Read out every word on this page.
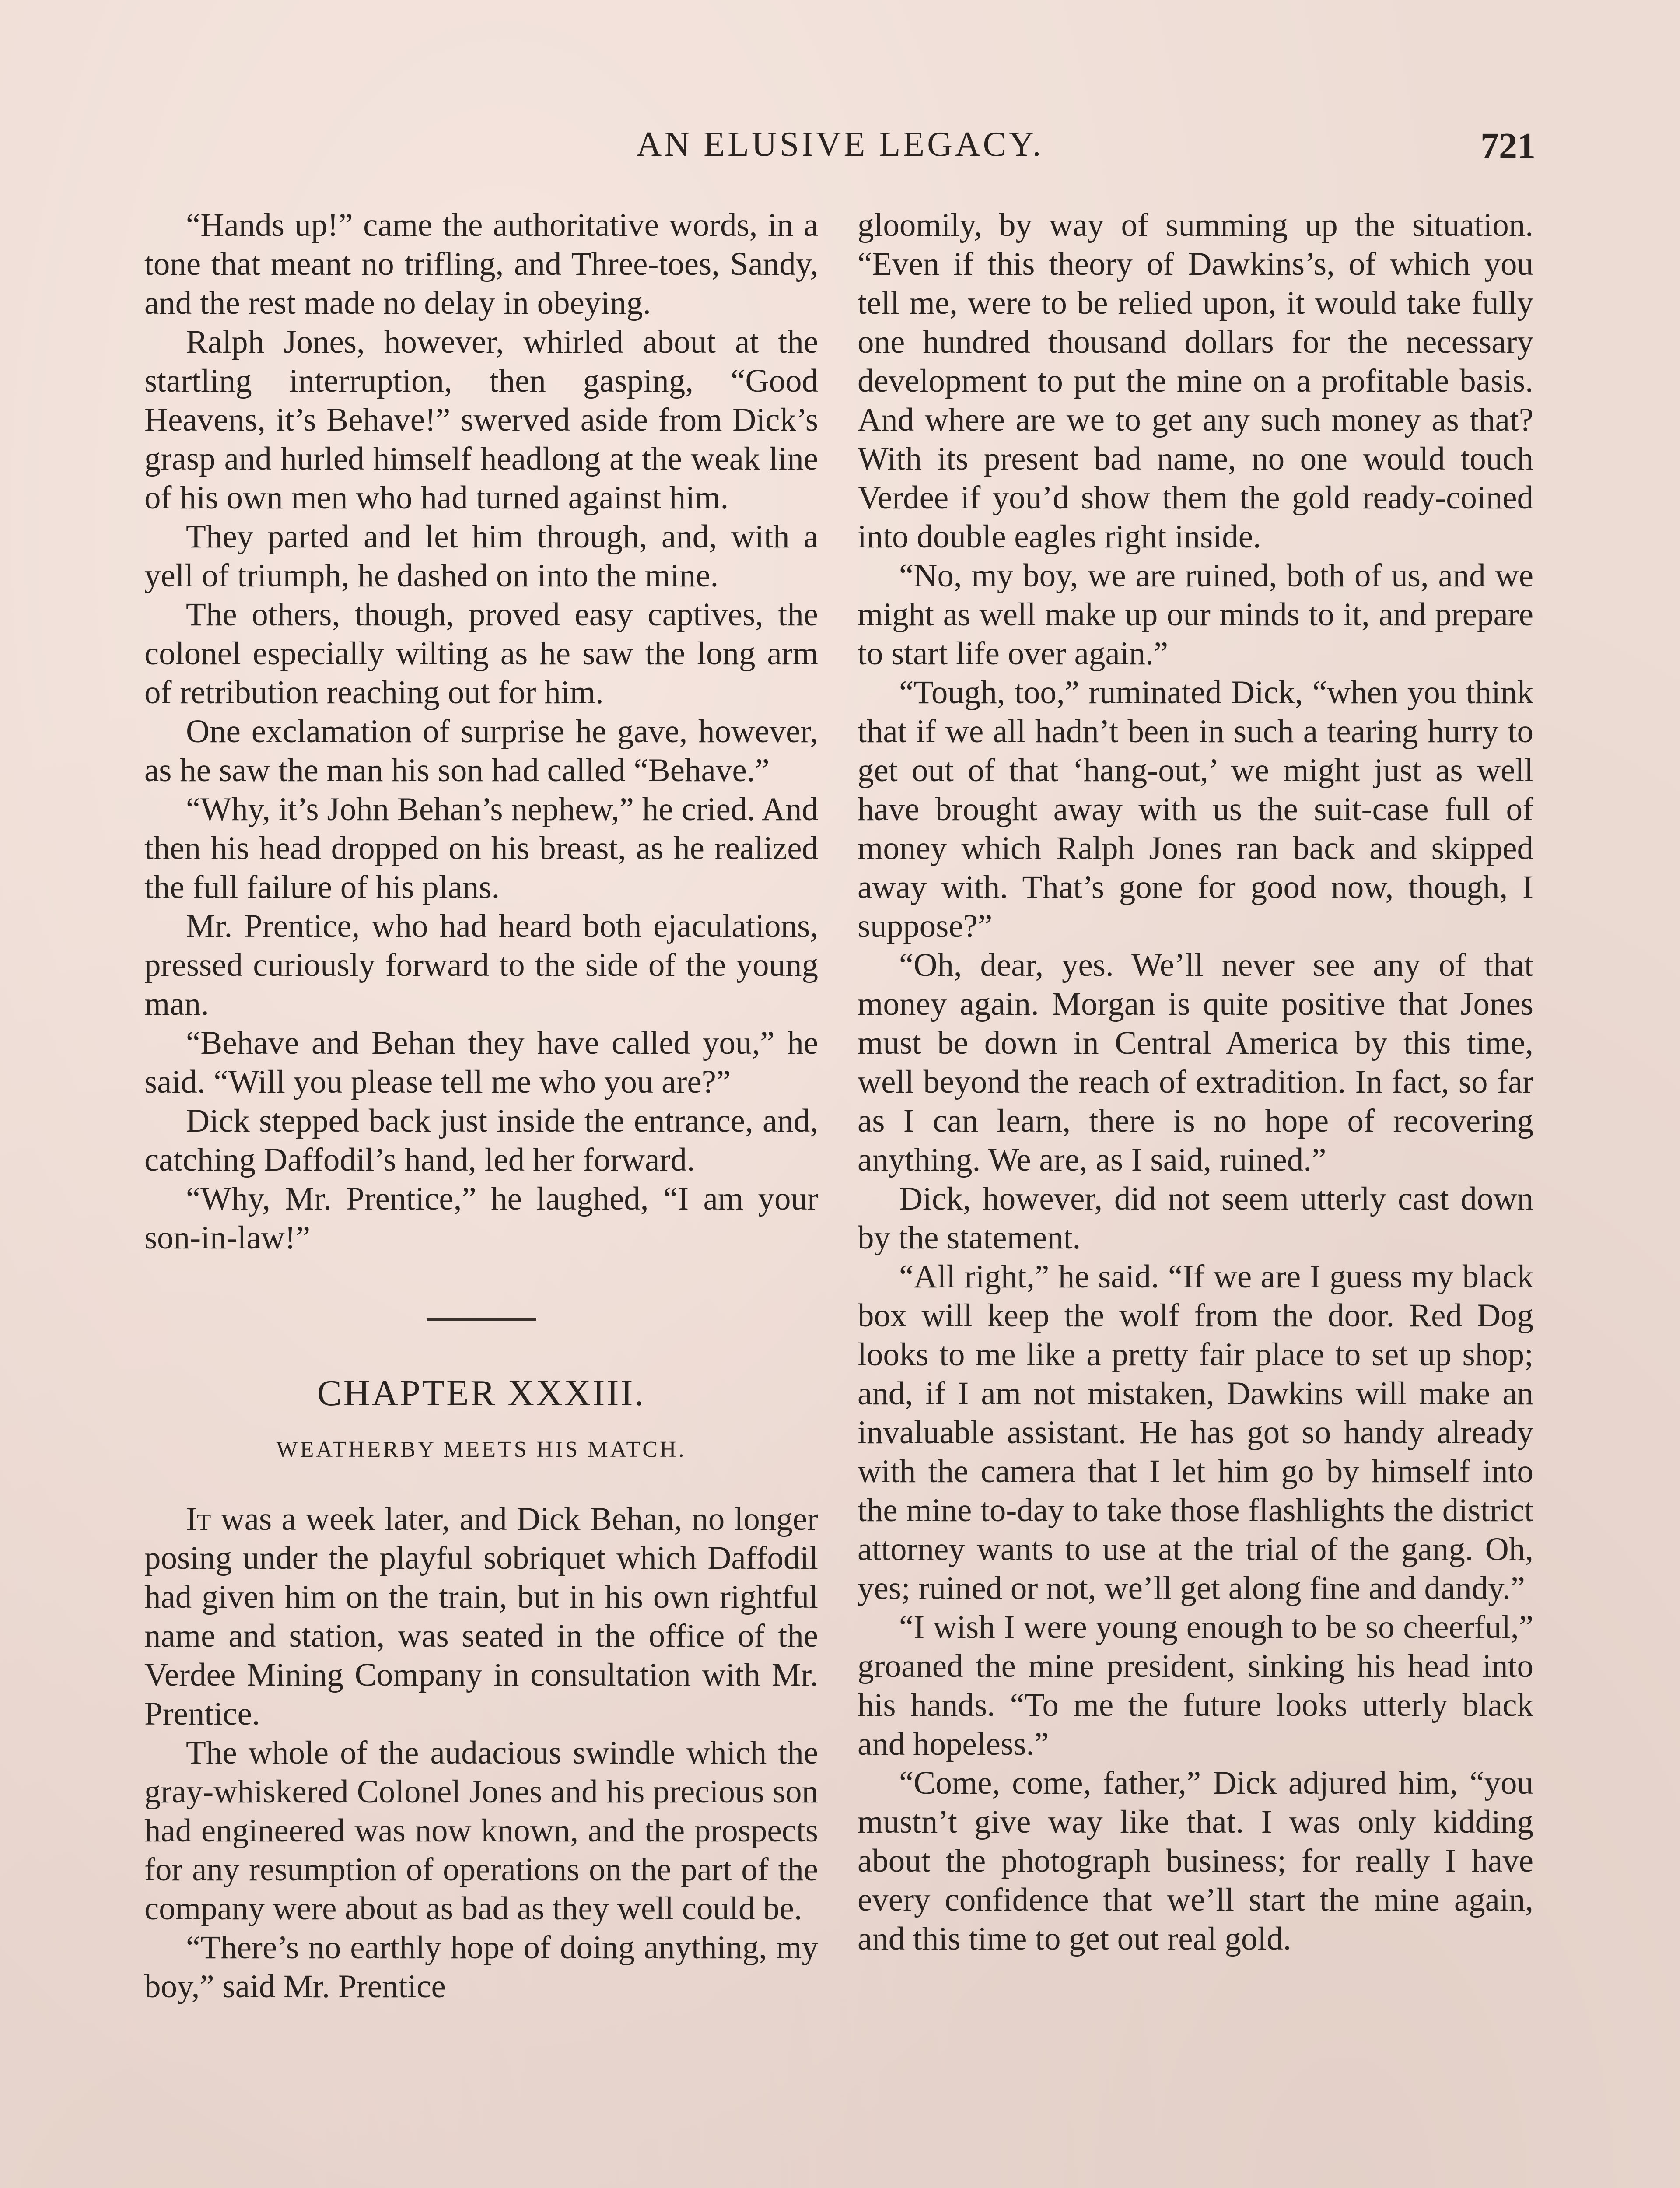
AN ELUSIVE LEGACY.	721

“Hands up!” came the authoritative words, in a tone that meant no trifling, and Three-toes, Sandy, and the rest made no delay in obeying.

Ralph Jones, however, whirled about at the startling interruption, then gasping, “Good Heavens, it’s Behave!” swerved aside from Dick’s grasp and hurled himself headlong at the weak line of his own men who had turned against him.

They parted and let him through, and, with a yell of triumph, he dashed on into the mine.

The others, though, proved easy captives, the colonel especially wilting as he saw the long arm of retribution reaching out for him.

One exclamation of surprise he gave, however, as he saw the man his son had called “Behave.”

“Why, it’s John Behan’s nephew,” he cried. And then his head dropped on his breast, as he realized the full failure of his plans.

Mr. Prentice, who had heard both ejaculations, pressed curiously forward to the side of the young man.

“Behave and Behan they have called you,” he said. “Will you please tell me who you are?”

Dick stepped back just inside the entrance, and, catching Daffodil’s hand, led her forward.

“Why, Mr. Prentice,” he laughed, “I am your son-in-law!”

CHAPTER XXXIII.
WEATHERBY MEETS HIS MATCH.

It was a week later, and Dick Behan, no longer posing under the playful sobriquet which Daffodil had given him on the train, but in his own rightful name and station, was seated in the office of the Verdee Mining Company in consultation with Mr. Prentice.

The whole of the audacious swindle which the gray-whiskered Colonel Jones and his precious son had engineered was now known, and the prospects for any resumption of operations on the part of the company were about as bad as they well could be.

“There’s no earthly hope of doing anything, my boy,” said Mr. Prentice

gloomily, by way of summing up the situation. “Even if this theory of Dawkins’s, of which you tell me, were to be relied upon, it would take fully one hundred thousand dollars for the necessary development to put the mine on a profitable basis. And where are we to get any such money as that? With its present bad name, no one would touch Verdee if you’d show them the gold ready-coined into double eagles right inside.

“No, my boy, we are ruined, both of us, and we might as well make up our minds to it, and prepare to start life over again.”

“Tough, too,” ruminated Dick, “when you think that if we all hadn’t been in such a tearing hurry to get out of that ‘hang-out,’ we might just as well have brought away with us the suit-case full of money which Ralph Jones ran back and skipped away with. That’s gone for good now, though, I suppose?”

“Oh, dear, yes. We’ll never see any of that money again. Morgan is quite positive that Jones must be down in Central America by this time, well beyond the reach of extradition. In fact, so far as I can learn, there is no hope of recovering anything. We are, as I said, ruined.”

Dick, however, did not seem utterly cast down by the statement.

“All right,” he said. “If we are I guess my black box will keep the wolf from the door. Red Dog looks to me like a pretty fair place to set up shop; and, if I am not mistaken, Dawkins will make an invaluable assistant. He has got so handy already with the camera that I let him go by himself into the mine to-day to take those flashlights the district attorney wants to use at the trial of the gang. Oh, yes; ruined or not, we’ll get along fine and dandy.”

“I wish I were young enough to be so cheerful,” groaned the mine president, sinking his head into his hands. “To me the future looks utterly black and hopeless.”

“Come, come, father,” Dick adjured him, “you mustn’t give way like that. I was only kidding about the photograph business; for really I have every confidence that we’ll start the mine again, and this time to get out real gold.
